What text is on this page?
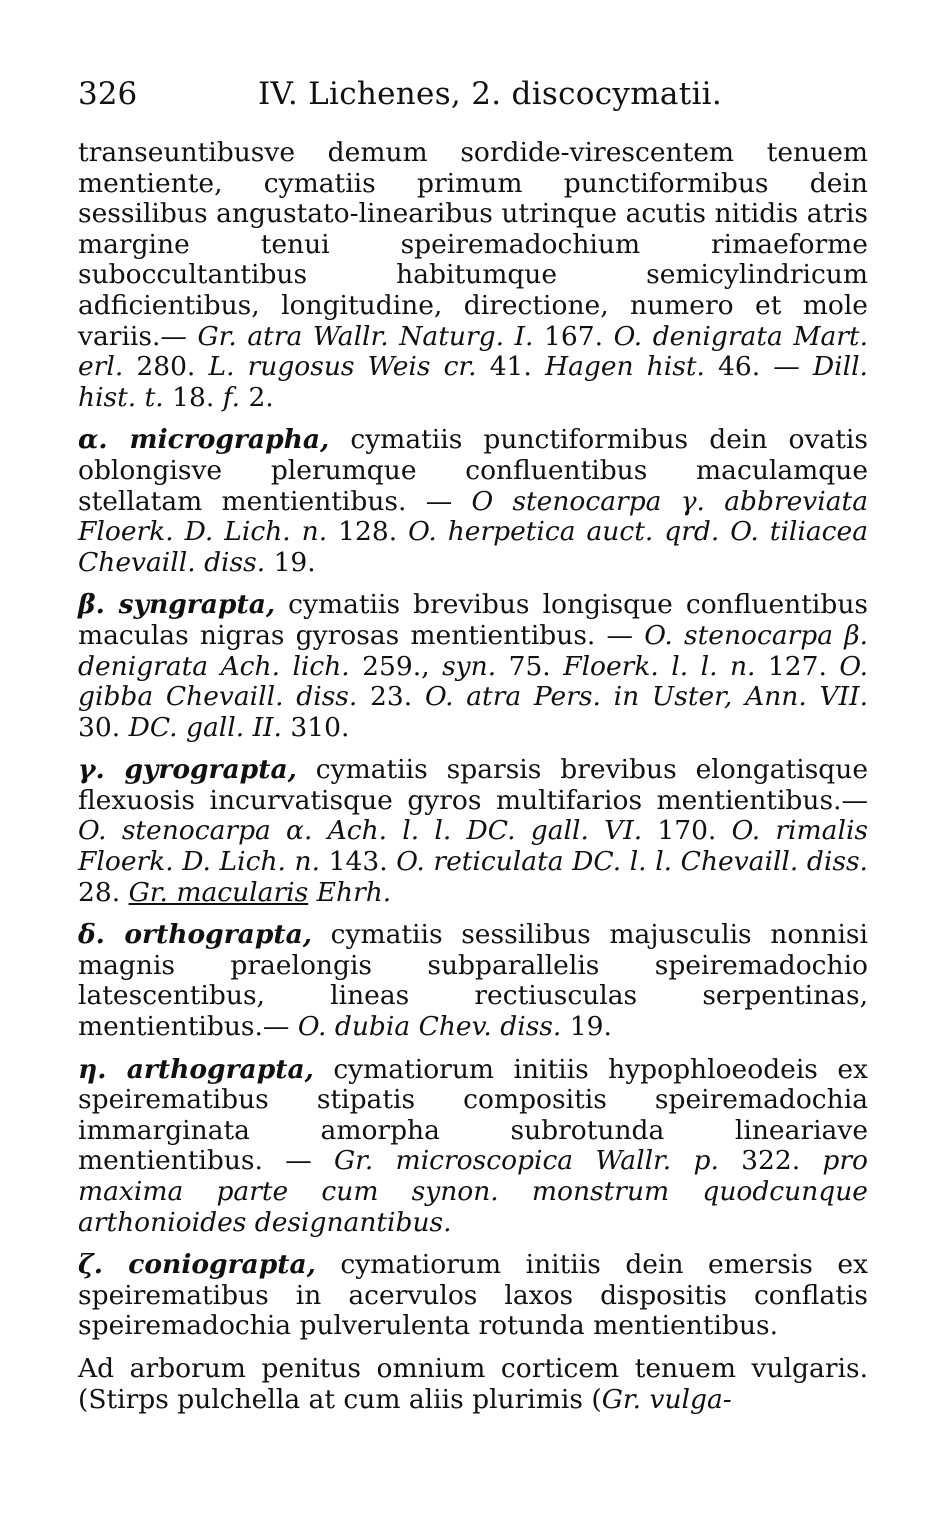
326	IV. Lichenes, 2. discocymatii.

transeuntibusve demum sordide-virescentem tenuem mentiente, cymatiis primum punctiformibus dein sessilibus angustato-linearibus utrinque acutis nitidis atris margine tenui speiremadochium rimaeforme suboccultantibus habitumque semicylindricum adficientibus, longitudine, directione, numero et mole variis.— Gr. atra Wallr. Naturg. I. 167. O. denigrata Mart. erl. 280. L. rugosus Weis cr. 41. Hagen hist. 46. — Dill. hist. t. 18. f. 2.

α. micrographa, cymatiis punctiformibus dein ovatis oblongisve plerumque confluentibus maculamque stellatam mentientibus. — O stenocarpa γ. abbreviata Floerk. D. Lich. n. 128. O. herpetica auct. qrd. O. tiliacea Chevaill. diss. 19.

β. syngrapta, cymatiis brevibus longisque confluentibus maculas nigras gyrosas mentientibus. — O. stenocarpa β. denigrata Ach. lich. 259., syn. 75. Floerk. l. l. n. 127. O. gibba Chevaill. diss. 23. O. atra Pers. in Uster, Ann. VII. 30. DC. gall. II. 310.

γ. gyrograpta, cymatiis sparsis brevibus elongatisque flexuosis incurvatisque gyros multifarios mentientibus.— O. stenocarpa α. Ach. l. l. DC. gall. VI. 170. O. rimalis Floerk. D. Lich. n. 143. O. reticulata DC. l. l. Chevaill. diss. 28. Gr. macularis Ehrh.

δ. orthograpta, cymatiis sessilibus majusculis nonnisi magnis praelongis subparallelis speiremadochio latescentibus, lineas rectiusculas serpentinas, mentientibus.— O. dubia Chev. diss. 19.

η. arthograpta, cymatiorum initiis hypophloeodeis ex speirematibus stipatis compositis speiremadochia immarginata amorpha subrotunda lineariave mentientibus. — Gr. microscopica Wallr. p. 322. pro maxima parte cum synon. monstrum quodcunque arthonioides designantibus.

ζ. coniograpta, cymatiorum initiis dein emersis ex speirematibus in acervulos laxos dispositis conflatis speiremadochia pulverulenta rotunda mentientibus.

Ad arborum penitus omnium corticem tenuem vulgaris. (Stirps pulchella at cum aliis plurimis (Gr. vulga-
